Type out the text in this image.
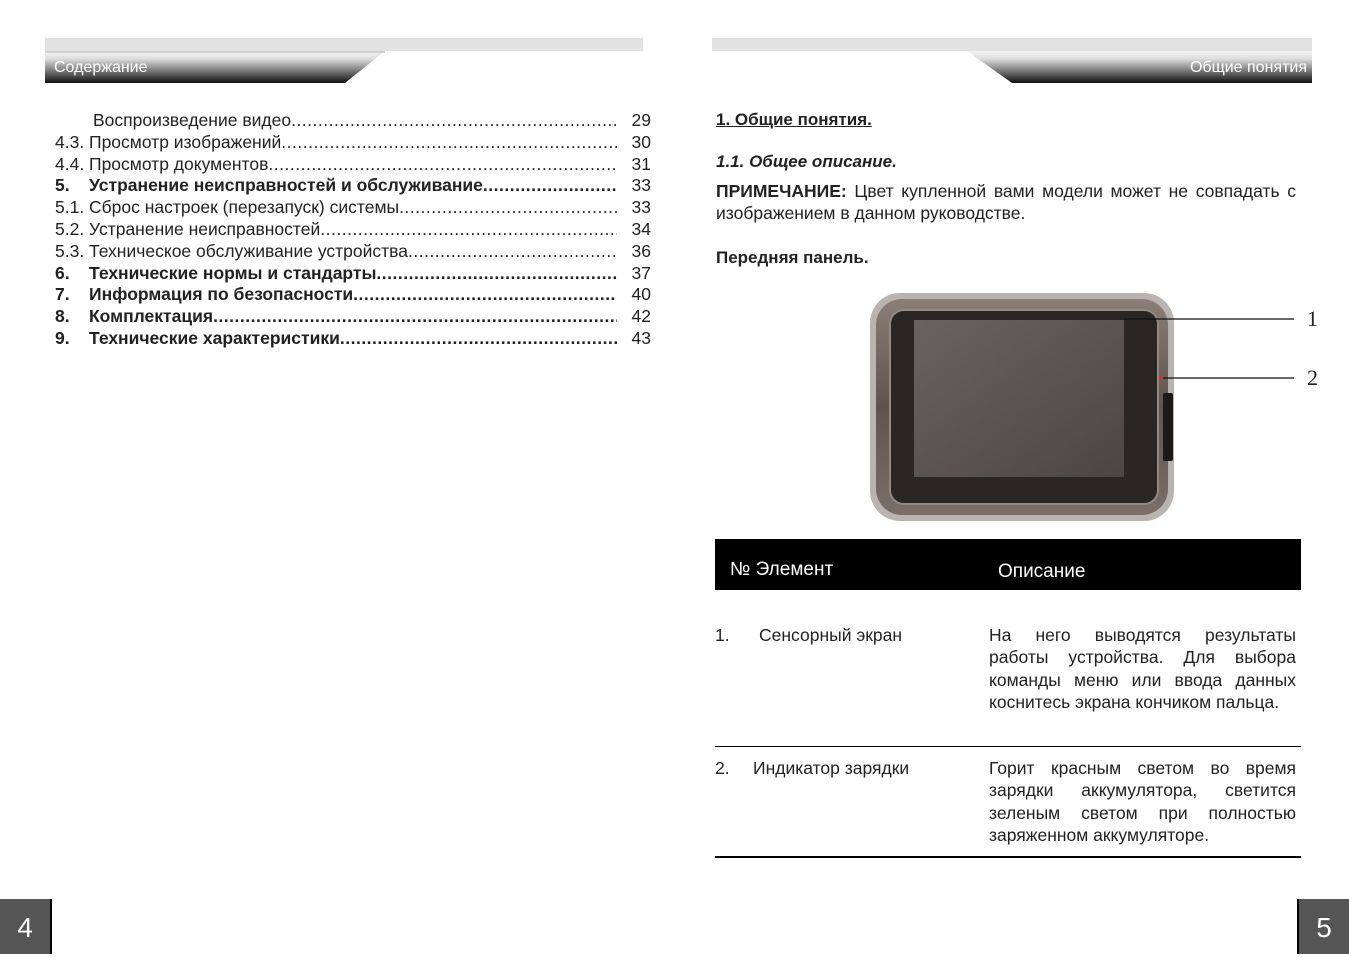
Содержание	Общие понятия
Воспроизведение видео .....	29
4.3. Просмотр изображений .....	30
4.4. Просмотр документов .....	31
5. Устранение неисправностей и обслуживание .....	33
5.1. Сброс настроек (перезапуск) системы .....	33
5.2. Устранение неисправностей .....	34
5.3. Техническое обслуживание устройства .....	36
6. Технические нормы и стандарты .....	37
7. Информация по безопасности .....	40
8. Комплектация .....	42
9. Технические характеристики .....	43
1. Общие понятия.
1.1. Общее описание.
ПРИМЕЧАНИЕ: Цвет купленной вами модели может не совпадать с изображением в данном руководстве.
Передняя панель.
1
2
№ Элемент	Описание
1. Сенсорный экран	На него выводятся результаты работы устройства. Для выбора команды меню или ввода данных коснитесь экрана кончиком пальца.
2. Индикатор зарядки	Горит красным светом во время зарядки аккумулятора, светится зеленым светом при полностью заряженном аккумуляторе.
4	5
